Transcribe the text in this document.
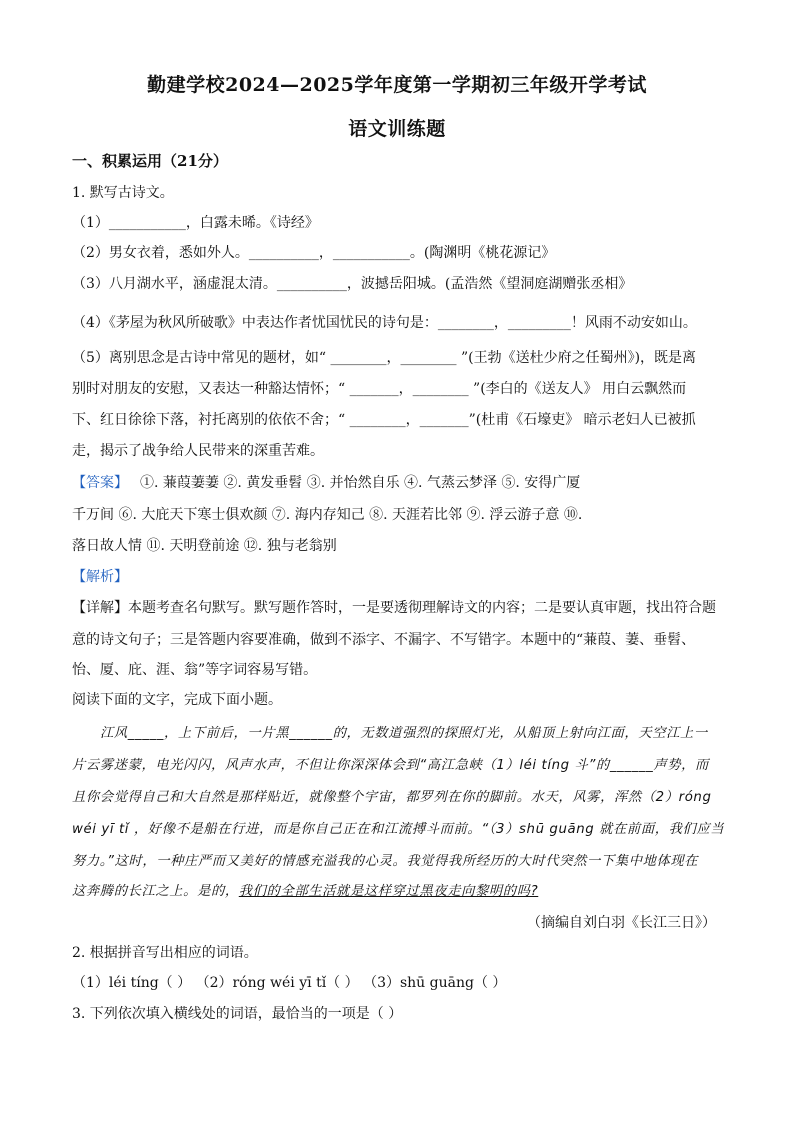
勤建学校2024—2025学年度第一学期初三年级开学考试
语文训练题
一、积累运用（21分）
1. 默写古诗文。
（1）___________，白露未晞。《诗经》
（2）男女衣着，悉如外人。__________，___________。(陶渊明《桃花源记》
（3）八月湖水平，涵虚混太清。__________，波撼岳阳城。(孟浩然《望洞庭湖赠张丞相》
（4）《茅屋为秋风所破歌》中表达作者忧国忧民的诗句是：________，_________！风雨不动安如山。
（5）离别思念是古诗中常见的题材，如“ ________，________ ”(王勃《送杜少府之任蜀州》)，既是离
别时对朋友的安慰，又表达一种豁达情怀；“ _______，________ ”(李白的《送友人》 用白云飘然而
下、红日徐徐下落，衬托离别的依依不舍；“ ________，_______”(杜甫《石壕吏》 暗示老妇人已被抓
走，揭示了战争给人民带来的深重苦难。
【答案】 ①. 蒹葭萋萋 ②. 黄发垂髫 ③. 并怡然自乐 ④. 气蒸云梦泽 ⑤. 安得广厦
千万间 ⑥. 大庇天下寒士俱欢颜 ⑦. 海内存知己 ⑧. 天涯若比邻 ⑨. 浮云游子意 ⑩.
落日故人情 ⑪. 天明登前途 ⑫. 独与老翁别
【解析】
【详解】本题考查名句默写。默写题作答时，一是要透彻理解诗文的内容；二是要认真审题，找出符合题
意的诗文句子；三是答题内容要准确，做到不添字、不漏字、不写错字。本题中的“蒹葭、萋、垂髫、
怡、厦、庇、涯、翁”等字词容易写错。
阅读下面的文字，完成下面小题。
江风_____，上下前后，一片黑______的，无数道强烈的探照灯光，从船顶上射向江面，天空江上一
片云雾迷蒙，电光闪闪，风声水声，不但让你深深体会到“高江急峡（1）léi tíng 斗”的______声势，而
且你会觉得自己和大自然是那样贴近，就像整个宇宙，都罗列在你的脚前。水天，风雾，浑然（2）róng
wéi yī tǐ ，好像不是船在行进，而是你自己正在和江流搏斗而前。“（3）shū guāng 就在前面，我们应当
努力。”这时，一种庄严而又美好的情感充溢我的心灵。我觉得我所经历的大时代突然一下集中地体现在
这奔腾的长江之上。是的，我们的全部生活就是这样穿过黑夜走向黎明的吗?
（摘编自刘白羽《长江三日》）
2. 根据拼音写出相应的词语。
（1）léi tíng（ ） （2）róng wéi yī tǐ（ ） （3）shū guāng（ ）
3. 下列依次填入横线处的词语，最恰当的一项是（ ）
